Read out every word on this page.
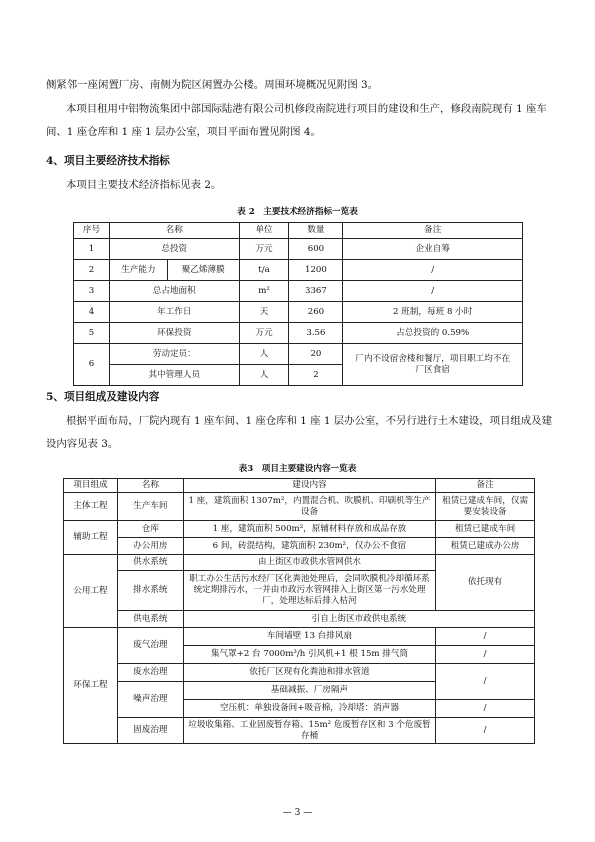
侧紧邻一座闲置厂房、南侧为院区闲置办公楼。周围环境概况见附图 3。

本项目租用中铝物流集团中部国际陆港有限公司机修段南院进行项目的建设和生产，修段南院现有 1 座车间、1 座仓库和 1 座 1 层办公室，项目平面布置见附图 4。

4、项目主要经济技术指标

本项目主要技术经济指标见表 2。

表 2　主要技术经济指标一览表

序号	名称		单位	数量	备注
1	总投资		万元	600	企业自筹
2	生产能力	聚乙烯薄膜	t/a	1200	/
3	总占地面积		m²	3367	/
4	年工作日		天	260	2 班制，每班 8 小时
5	环保投资		万元	3.56	占总投资的 0.59%
6	劳动定员：		人	20	厂内不设宿舍楼和餐厅，项目职工均不在厂区食宿
	其中管理人员		人	2	

5、项目组成及建设内容

根据平面布局，厂院内现有 1 座车间、1 座仓库和 1 座 1 层办公室，不另行进行土木建设，项目组成及建设内容见表 3。

表3　项目主要建设内容一览表

项目组成	名称	建设内容	备注
主体工程	生产车间	1 座，建筑面积 1307m²，内置混合机、吹膜机、印刷机等生产设备	租赁已建成车间，仅需要安装设备
辅助工程	仓库	1 座，建筑面积 500m²，原辅材料存放和成品存放	租赁已建成车间
	办公用房	6 间，砖混结构，建筑面积 230m²，仅办公不食宿	租赁已建成办公房
公用工程	供水系统	由上街区市政供水管网供水	依托现有
	排水系统	职工办公生活污水经厂区化粪池处理后，会同吹膜机冷却循环系统定期排污水，一并由市政污水管网排入上街区第一污水处理厂，处理达标后排入枯河	
	供电系统	引自上街区市政供电系统	
环保工程	废气治理	车间墙壁 13 台排风扇	/
		集气罩+2 台 7000m³/h 引风机+1 根 15m 排气筒	/
	废水治理	依托厂区现有化粪池和排水管道	/
	噪声治理	基础减振、厂房隔声	
		空压机：单独设备间+吸音棉，冷却塔：消声器	/
	固废治理	垃圾收集箱、工业固废暂存箱、15m² 危废暂存区和 3 个危废暂存桶	/
— 3 —
